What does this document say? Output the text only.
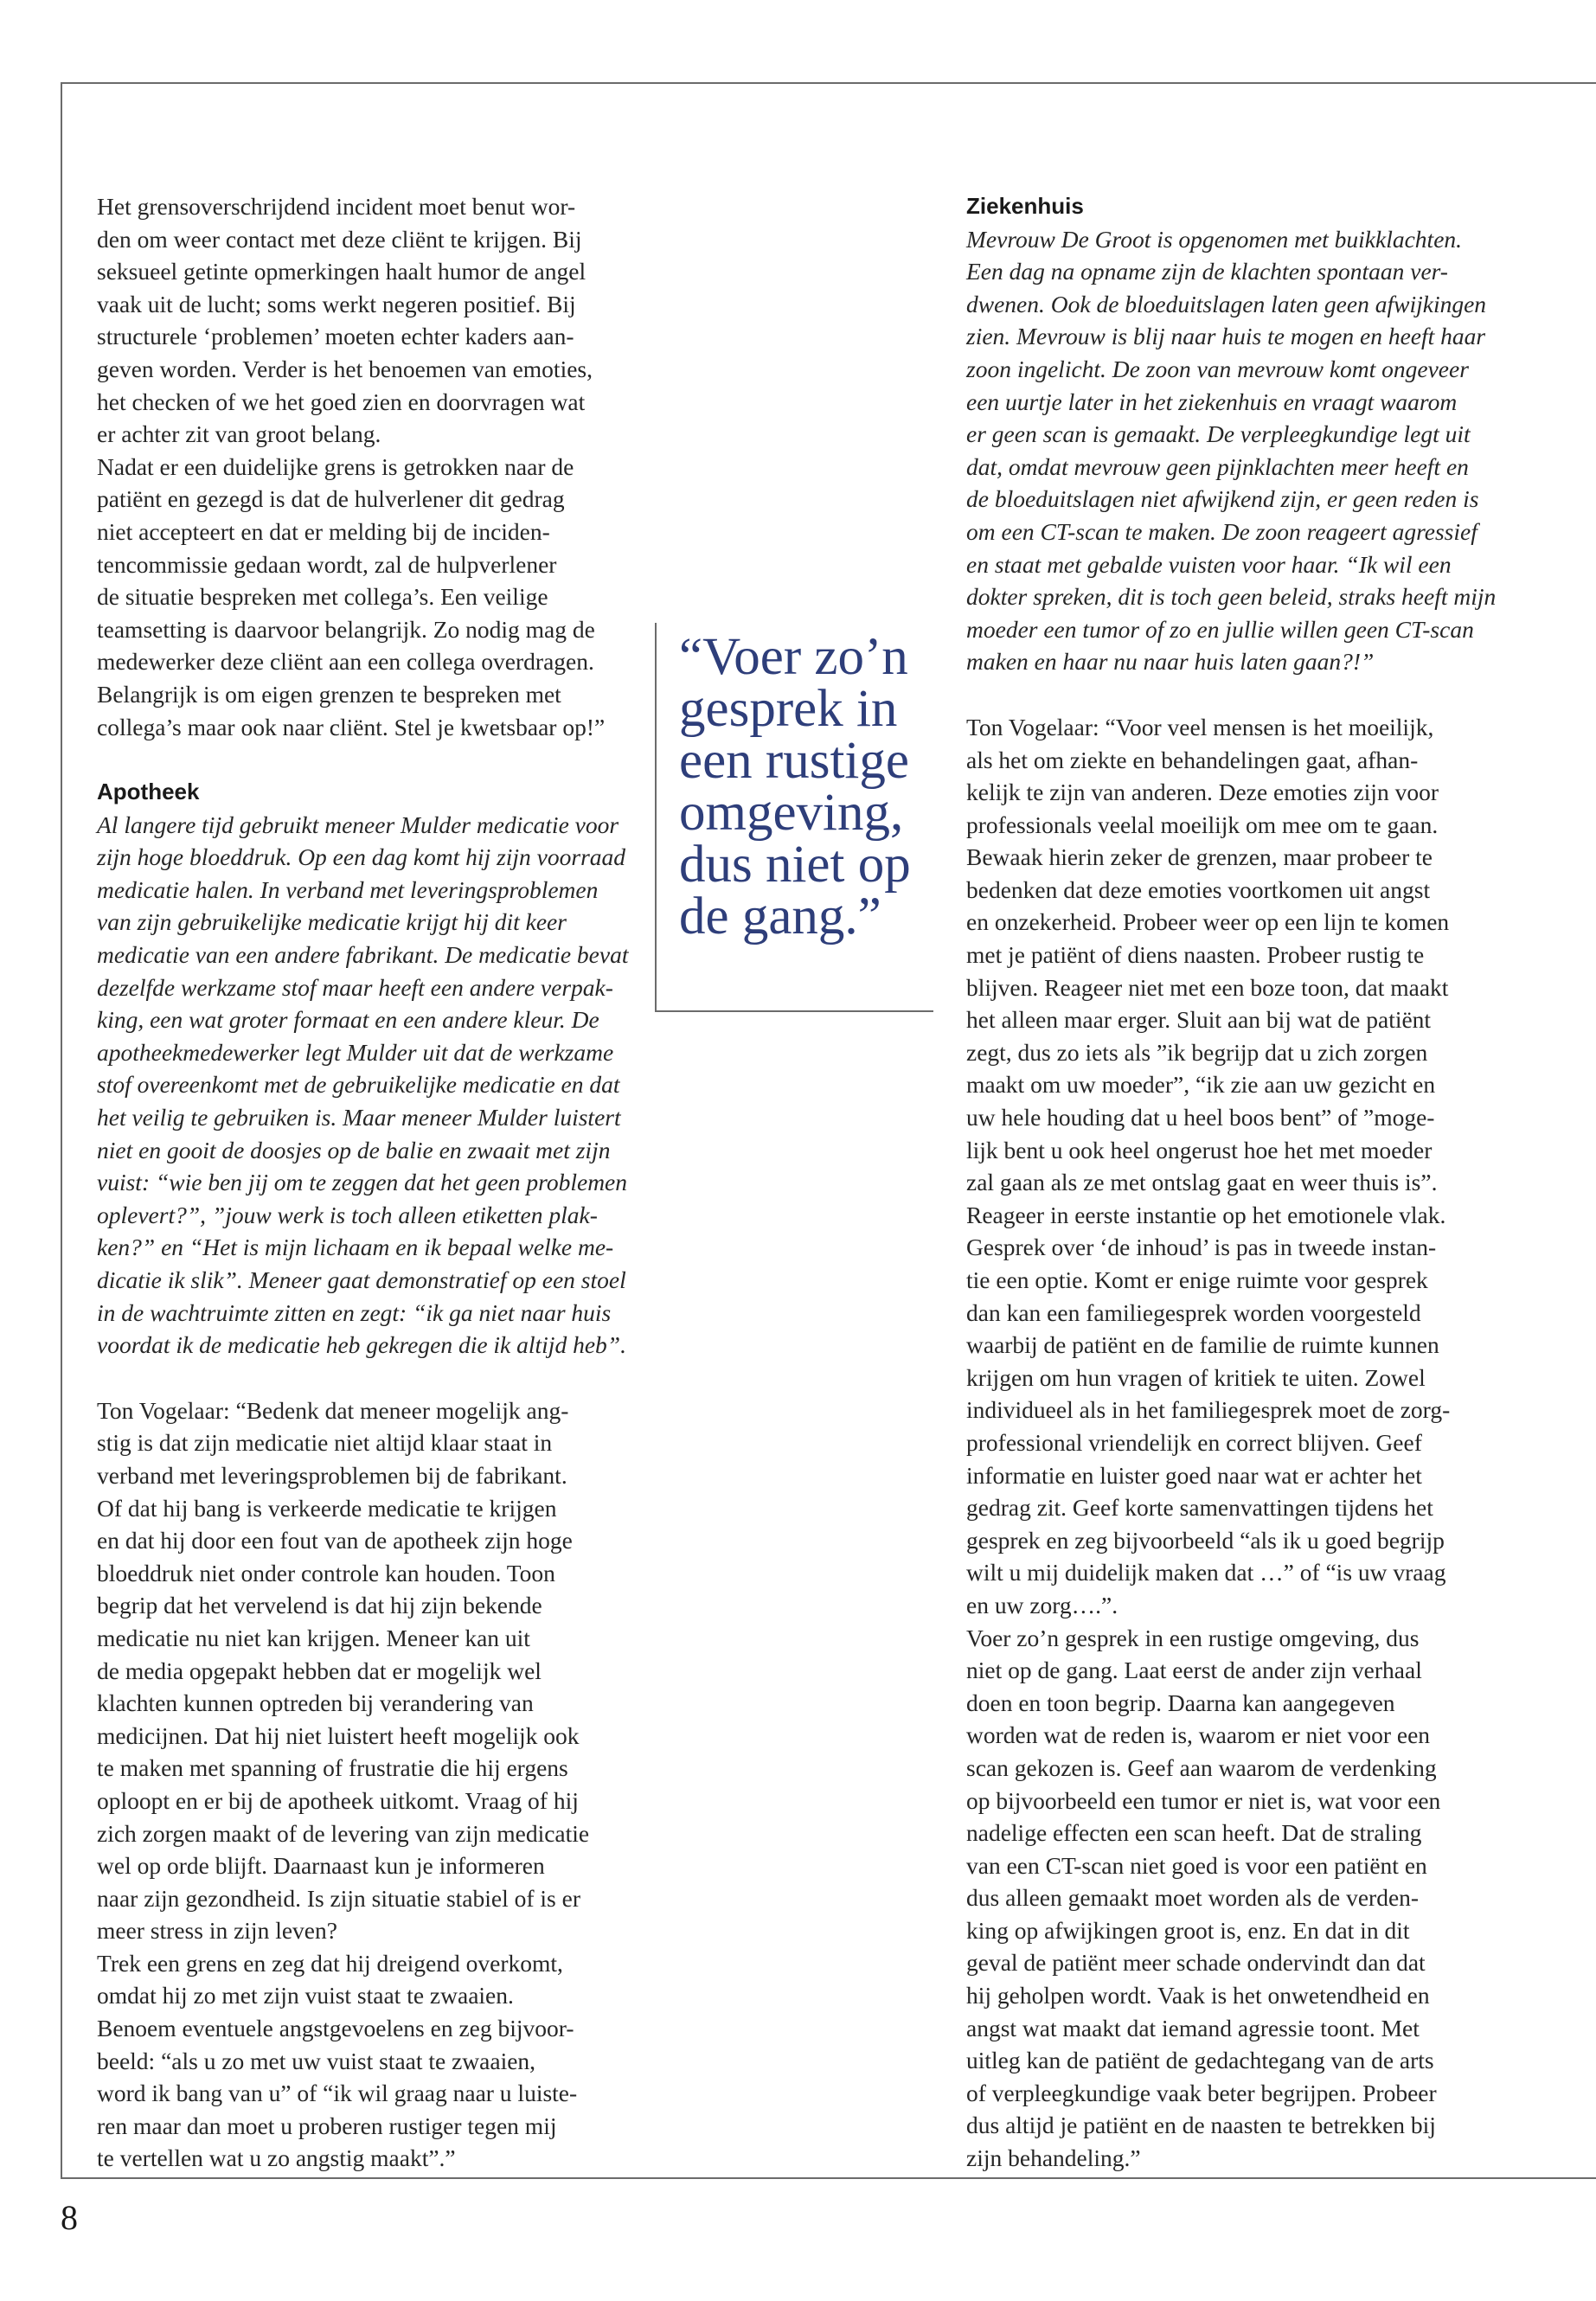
Het grensoverschrijdend incident moet benut wor-
den om weer contact met deze cliënt te krijgen. Bij
seksueel getinte opmerkingen haalt humor de angel
vaak uit de lucht; soms werkt negeren positief. Bij
structurele ‘problemen’ moeten echter kaders aan-
geven worden. Verder is het benoemen van emoties,
het checken of we het goed zien en doorvragen wat
er achter zit van groot belang.

Nadat er een duidelijke grens is getrokken naar de
patiënt en gezegd is dat de hulverlener dit gedrag
niet accepteert en dat er melding bij de inciden-
tencommissie gedaan wordt, zal de hulpverlener
de situatie bespreken met collega’s. Een veilige
teamsetting is daarvoor belangrijk. Zo nodig mag de
medewerker deze cliënt aan een collega overdragen.
Belangrijk is om eigen grenzen te bespreken met
collega’s maar ook naar cliënt. Stel je kwetsbaar op!”

Apotheek

Al langere tijd gebruikt meneer Mulder medicatie voor
zijn hoge bloeddruk. Op een dag komt hij zijn voorraad
medicatie halen. In verband met leveringsproblemen
van zijn gebruikelijke medicatie krijgt hij dit keer
medicatie van een andere fabrikant. De medicatie bevat
dezelfde werkzame stof maar heeft een andere verpak-
king, een wat groter formaat en een andere kleur. De
apotheekmedewerker legt Mulder uit dat de werkzame
stof overeenkomt met de gebruikelijke medicatie en dat
het veilig te gebruiken is. Maar meneer Mulder luistert
niet en gooit de doosjes op de balie en zwaait met zijn
vuist: “wie ben jij om te zeggen dat het geen problemen
oplevert?”, ”jouw werk is toch alleen etiketten plak-
ken?” en “Het is mijn lichaam en ik bepaal welke me-
dicatie ik slik”. Meneer gaat demonstratief op een stoel
in de wachtruimte zitten en zegt: “ik ga niet naar huis
voordat ik de medicatie heb gekregen die ik altijd heb”.

Ton Vogelaar: “Bedenk dat meneer mogelijk ang-
stig is dat zijn medicatie niet altijd klaar staat in
verband met leveringsproblemen bij de fabrikant.
Of dat hij bang is verkeerde medicatie te krijgen
en dat hij door een fout van de apotheek zijn hoge
bloeddruk niet onder controle kan houden. Toon
begrip dat het vervelend is dat hij zijn bekende
medicatie nu niet kan krijgen. Meneer kan uit
de media opgepakt hebben dat er mogelijk wel
klachten kunnen optreden bij verandering van
medicijnen. Dat hij niet luistert heeft mogelijk ook
te maken met spanning of frustratie die hij ergens
oploopt en er bij de apotheek uitkomt. Vraag of hij
zich zorgen maakt of de levering van zijn medicatie
wel op orde blijft. Daarnaast kun je informeren
naar zijn gezondheid. Is zijn situatie stabiel of is er
meer stress in zijn leven?

Trek een grens en zeg dat hij dreigend overkomt,
omdat hij zo met zijn vuist staat te zwaaien.
Benoem eventuele angstgevoelens en zeg bijvoor-
beeld: “als u zo met uw vuist staat te zwaaien,
word ik bang van u” of “ik wil graag naar u luiste-
ren maar dan moet u proberen rustiger tegen mij
te vertellen wat u zo angstig maakt”.”

“Voer zo’n
gesprek in
een rustige
omgeving,
dus niet op
de gang.”

Ziekenhuis

Mevrouw De Groot is opgenomen met buikklachten.
Een dag na opname zijn de klachten spontaan ver-
dwenen. Ook de bloeduitslagen laten geen afwijkingen
zien. Mevrouw is blij naar huis te mogen en heeft haar
zoon ingelicht. De zoon van mevrouw komt ongeveer
een uurtje later in het ziekenhuis en vraagt waarom
er geen scan is gemaakt. De verpleegkundige legt uit
dat, omdat mevrouw geen pijnklachten meer heeft en
de bloeduitslagen niet afwijkend zijn, er geen reden is
om een CT-scan te maken. De zoon reageert agressief
en staat met gebalde vuisten voor haar. “Ik wil een
dokter spreken, dit is toch geen beleid, straks heeft mijn
moeder een tumor of zo en jullie willen geen CT-scan
maken en haar nu naar huis laten gaan?!”

Ton Vogelaar: “Voor veel mensen is het moeilijk,
als het om ziekte en behandelingen gaat, afhan-
kelijk te zijn van anderen. Deze emoties zijn voor
professionals veelal moeilijk om mee om te gaan.
Bewaak hierin zeker de grenzen, maar probeer te
bedenken dat deze emoties voortkomen uit angst
en onzekerheid. Probeer weer op een lijn te komen
met je patiënt of diens naasten. Probeer rustig te
blijven. Reageer niet met een boze toon, dat maakt
het alleen maar erger. Sluit aan bij wat de patiënt
zegt, dus zo iets als ”ik begrijp dat u zich zorgen
maakt om uw moeder”, “ik zie aan uw gezicht en
uw hele houding dat u heel boos bent” of ”moge-
lijk bent u ook heel ongerust hoe het met moeder
zal gaan als ze met ontslag gaat en weer thuis is”.
Reageer in eerste instantie op het emotionele vlak.
Gesprek over ‘de inhoud’ is pas in tweede instan-
tie een optie. Komt er enige ruimte voor gesprek
dan kan een familiegesprek worden voorgesteld
waarbij de patiënt en de familie de ruimte kunnen
krijgen om hun vragen of kritiek te uiten. Zowel
individueel als in het familiegesprek moet de zorg-
professional vriendelijk en correct blijven. Geef
informatie en luister goed naar wat er achter het
gedrag zit. Geef korte samenvattingen tijdens het
gesprek en zeg bijvoorbeeld “als ik u goed begrijp
wilt u mij duidelijk maken dat …” of “is uw vraag
en uw zorg….”.

Voer zo’n gesprek in een rustige omgeving, dus
niet op de gang. Laat eerst de ander zijn verhaal
doen en toon begrip. Daarna kan aangegeven
worden wat de reden is, waarom er niet voor een
scan gekozen is. Geef aan waarom de verdenking
op bijvoorbeeld een tumor er niet is, wat voor een
nadelige effecten een scan heeft. Dat de straling
van een CT-scan niet goed is voor een patiënt en
dus alleen gemaakt moet worden als de verden-
king op afwijkingen groot is, enz. En dat in dit
geval de patiënt meer schade ondervindt dan dat
hij geholpen wordt. Vaak is het onwetendheid en
angst wat maakt dat iemand agressie toont. Met
uitleg kan de patiënt de gedachtegang van de arts
of verpleegkundige vaak beter begrijpen. Probeer
dus altijd je patiënt en de naasten te betrekken bij
zijn behandeling.”

8
